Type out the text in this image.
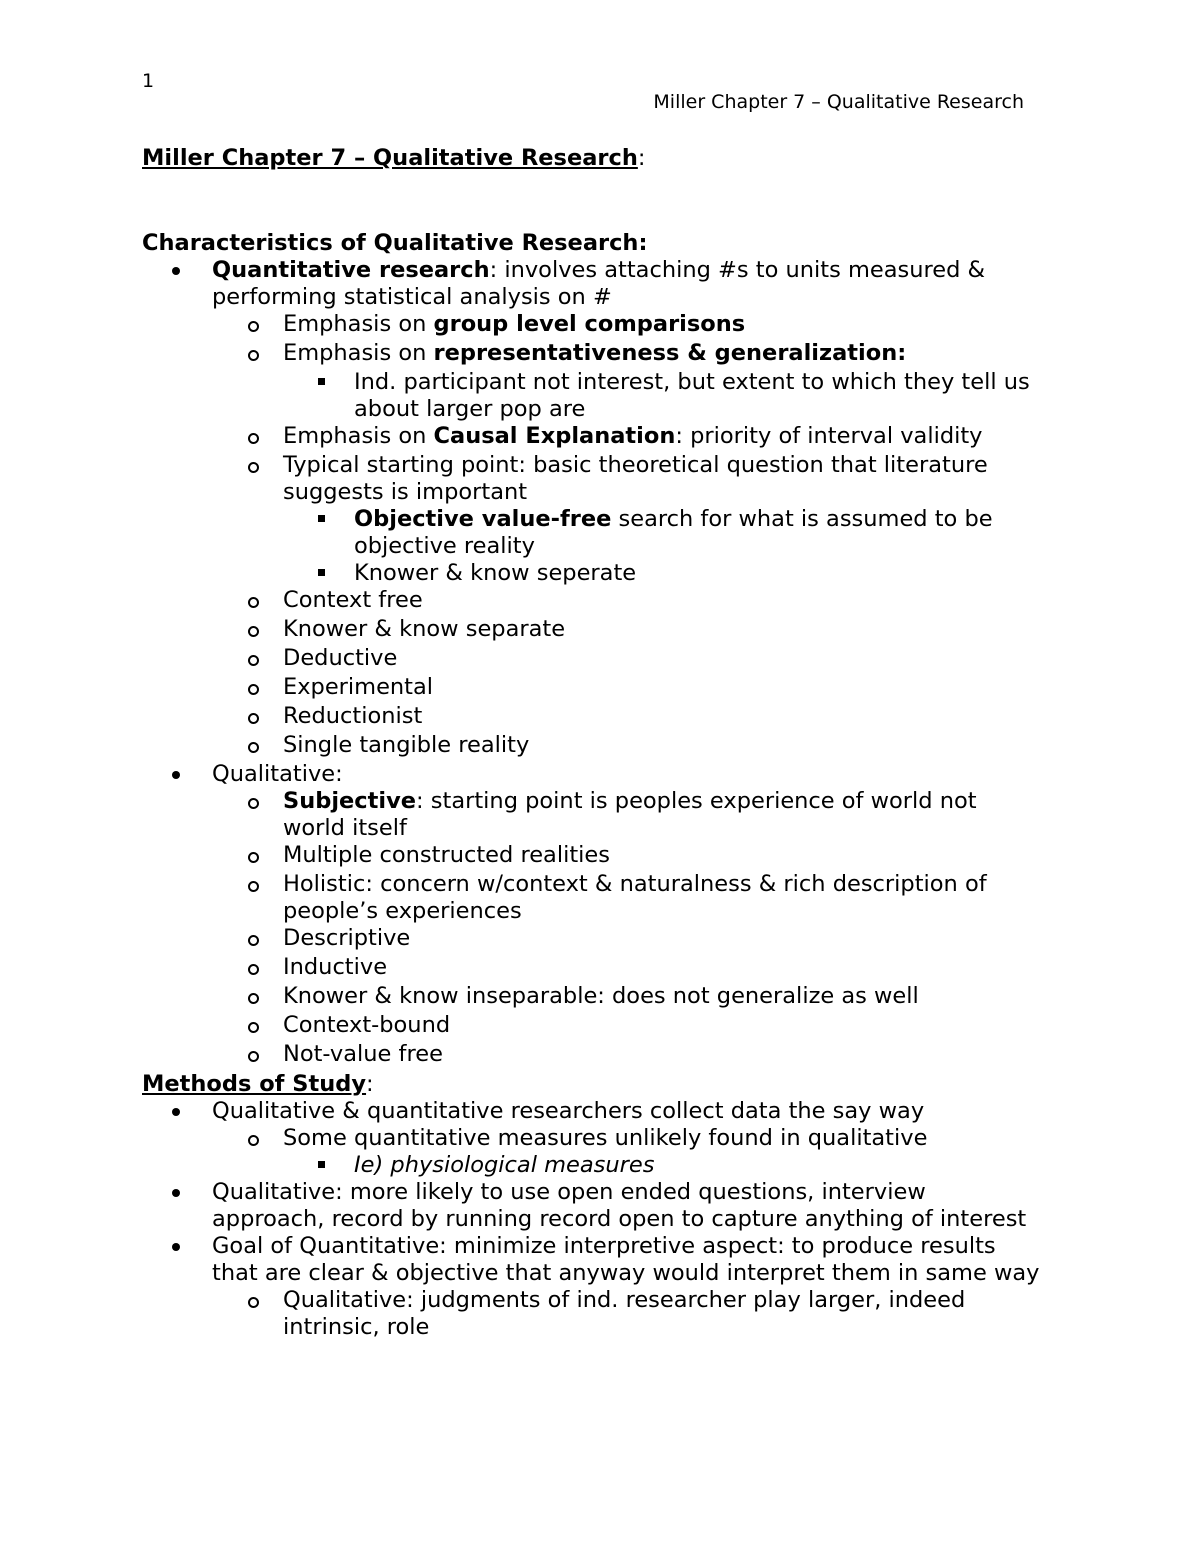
1
Miller Chapter 7 – Qualitative Research
Miller Chapter 7 – Qualitative Research:
Characteristics of Qualitative Research:
Quantitative research: involves attaching #s to units measured & performing statistical analysis on #
Emphasis on group level comparisons
Emphasis on representativeness & generalization:
Ind. participant not interest, but extent to which they tell us about larger pop are
Emphasis on Causal Explanation: priority of interval validity
Typical starting point: basic theoretical question that literature suggests is important
Objective value-free search for what is assumed to be objective reality
Knower & know seperate
Context free
Knower & know separate
Deductive
Experimental
Reductionist
Single tangible reality
Qualitative:
Subjective: starting point is peoples experience of world not world itself
Multiple constructed realities
Holistic: concern w/context & naturalness & rich description of people’s experiences
Descriptive
Inductive
Knower & know inseparable: does not generalize as well
Context-bound
Not-value free
Methods of Study:
Qualitative & quantitative researchers collect data the say way
Some quantitative measures unlikely found in qualitative
Ie) physiological measures
Qualitative: more likely to use open ended questions, interview approach, record by running record open to capture anything of interest
Goal of Quantitative: minimize interpretive aspect: to produce results that are clear & objective that anyway would interpret them in same way
Qualitative: judgments of ind. researcher play larger, indeed intrinsic, role
